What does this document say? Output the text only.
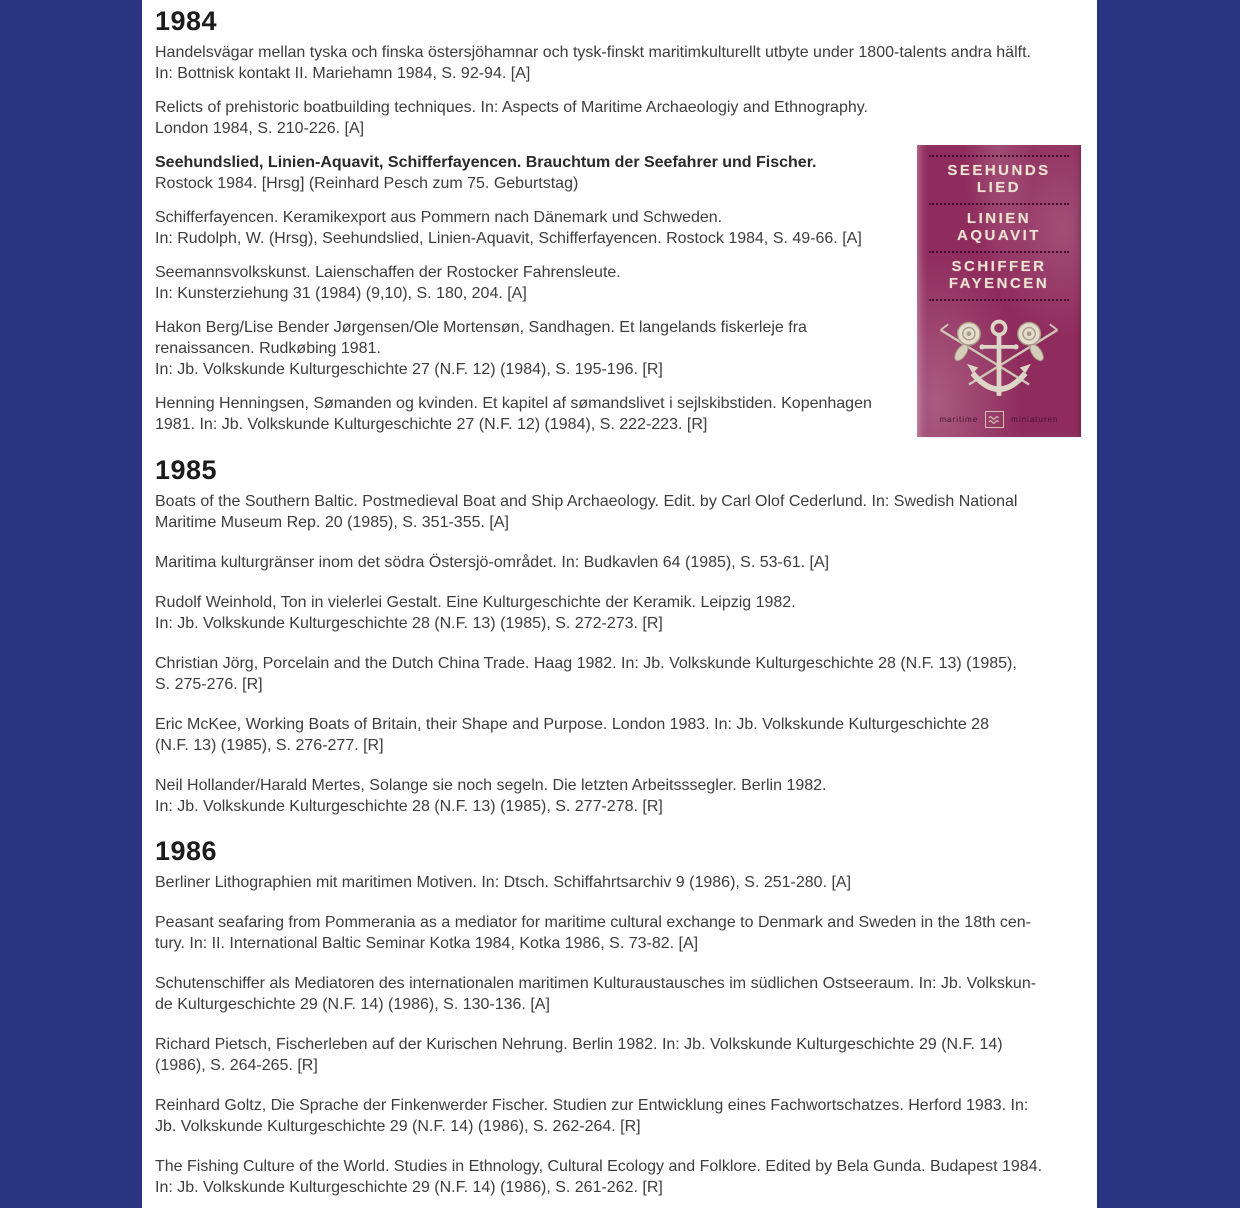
1984
Handelsvägar mellan tyska och finska östersjöhamnar och tysk-finskt maritimkulturellt utbyte under 1800-talents andra hälft.
In: Bottnisk kontakt II. Mariehamn 1984, S. 92-94. [A]
Relicts of prehistoric boatbuilding techniques. In: Aspects of Maritime Archaeologiy and Ethnography.
London 1984, S. 210-226. [A]
Seehundslied, Linien-Aquavit, Schifferfayencen. Brauchtum der Seefahrer und Fischer.
Rostock 1984. [Hrsg] (Reinhard Pesch zum 75. Geburtstag)
Schifferfayencen. Keramikexport aus Pommern nach Dänemark und Schweden.
In: Rudolph, W. (Hrsg), Seehundslied, Linien-Aquavit, Schifferfayencen. Rostock 1984, S. 49-66. [A]
Seemannsvolkskunst. Laienschaffen der Rostocker Fahrensleute.
In: Kunsterziehung 31 (1984) (9,10), S. 180, 204. [A]
Hakon Berg/Lise Bender Jørgensen/Ole Mortensøn, Sandhagen. Et langelands fiskerleje fra
renaissancen. Rudkøbing 1981.
In: Jb. Volkskunde Kulturgeschichte 27 (N.F. 12) (1984), S. 195-196. [R]
Henning Henningsen, Sømanden og kvinden. Et kapitel af sømandslivet i sejlskibstiden. Kopenhagen
1981. In: Jb. Volkskunde Kulturgeschichte 27 (N.F. 12) (1984), S. 222-223. [R]
1985
Boats of the Southern Baltic. Postmedieval Boat and Ship Archaeology. Edit. by Carl Olof Cederlund. In: Swedish National
Maritime Museum Rep. 20 (1985), S. 351-355. [A]
Maritima kulturgränser inom det södra Östersjö-området. In: Budkavlen 64 (1985), S. 53-61. [A]
Rudolf Weinhold, Ton in vielerlei Gestalt. Eine Kulturgeschichte der Keramik. Leipzig 1982.
In: Jb. Volkskunde Kulturgeschichte 28 (N.F. 13) (1985), S. 272-273. [R]
Christian Jörg, Porcelain and the Dutch China Trade. Haag 1982. In: Jb. Volkskunde Kulturgeschichte 28 (N.F. 13) (1985),
S. 275-276. [R]
Eric McKee, Working Boats of Britain, their Shape and Purpose. London 1983. In: Jb. Volkskunde Kulturgeschichte 28
(N.F. 13) (1985), S. 276-277. [R]
Neil Hollander/Harald Mertes, Solange sie noch segeln. Die letzten Arbeitsssegler. Berlin 1982.
In: Jb. Volkskunde Kulturgeschichte 28 (N.F. 13) (1985), S. 277-278. [R]
1986
Berliner Lithographien mit maritimen Motiven. In: Dtsch. Schiffahrtsarchiv 9 (1986), S. 251-280. [A]
Peasant seafaring from Pommerania as a mediator for maritime cultural exchange to Denmark and Sweden in the 18th cen-
tury. In: II. International Baltic Seminar Kotka 1984, Kotka 1986, S. 73-82. [A]
Schutenschiffer als Mediatoren des internationalen maritimen Kulturaustausches im südlichen Ostseeraum. In: Jb. Volkskun-
de Kulturgeschichte 29 (N.F. 14) (1986), S. 130-136. [A]
Richard Pietsch, Fischerleben auf der Kurischen Nehrung. Berlin 1982. In: Jb. Volkskunde Kulturgeschichte 29 (N.F. 14)
(1986), S. 264-265. [R]
Reinhard Goltz, Die Sprache der Finkenwerder Fischer. Studien zur Entwicklung eines Fachwortschatzes. Herford 1983. In:
Jb. Volkskunde Kulturgeschichte 29 (N.F. 14) (1986), S. 262-264. [R]
The Fishing Culture of the World. Studies in Ethnology, Cultural Ecology and Folklore. Edited by Bela Gunda. Budapest 1984.
In: Jb. Volkskunde Kulturgeschichte 29 (N.F. 14) (1986), S. 261-262. [R]
SEEHUNDS
LIED
LINIEN
AQUAVIT
SCHIFFER
FAYENCEN
maritime	miniaturen
